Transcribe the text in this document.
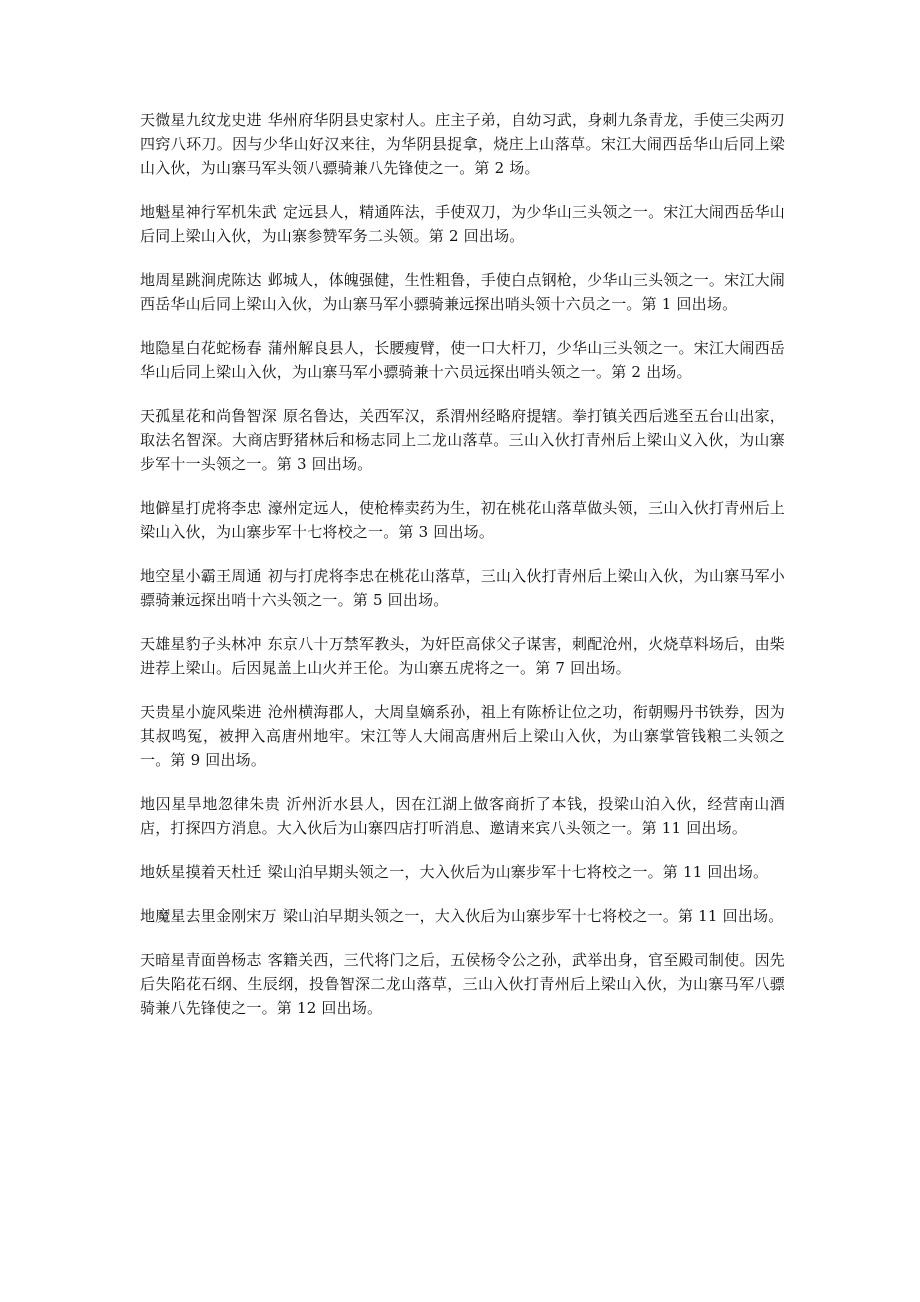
天微星九纹龙史进 华州府华阴县史家村人。庄主子弟，自幼习武，身刺九条青龙，手使三尖两刃四窍八环刀。因与少华山好汉来往，为华阴县捉拿，烧庄上山落草。宋江大闹西岳华山后同上梁山入伙，为山寨马军头领八骠骑兼八先锋使之一。第 2 场。

地魁星神行军机朱武 定远县人，精通阵法，手使双刀，为少华山三头领之一。宋江大闹西岳华山后同上梁山入伙，为山寨参赞军务二头领。第 2 回出场。

地周星跳涧虎陈达 邺城人，体魄强健，生性粗鲁，手使白点钢枪，少华山三头领之一。宋江大闹西岳华山后同上梁山入伙，为山寨马军小骠骑兼远探出哨头领十六员之一。第 1 回出场。

地隐星白花蛇杨春 蒲州解良县人，长腰瘦臂，使一口大杆刀，少华山三头领之一。宋江大闹西岳华山后同上梁山入伙，为山寨马军小骠骑兼十六员远探出哨头领之一。第 2 出场。

天孤星花和尚鲁智深 原名鲁达，关西军汉，系渭州经略府提辖。拳打镇关西后逃至五台山出家，取法名智深。大商店野猪林后和杨志同上二龙山落草。三山入伙打青州后上梁山义入伙，为山寨步军十一头领之一。第 3 回出场。

地僻星打虎将李忠 濠州定远人，使枪棒卖药为生，初在桃花山落草做头领，三山入伙打青州后上梁山入伙，为山寨步军十七将校之一。第 3 回出场。

地空星小霸王周通 初与打虎将李忠在桃花山落草，三山入伙打青州后上梁山入伙，为山寨马军小骠骑兼远探出哨十六头领之一。第 5 回出场。

天雄星豹子头林冲 东京八十万禁军教头，为奸臣高俅父子谋害，刺配沧州，火烧草料场后，由柴进荐上梁山。后因晁盖上山火并王伦。为山寨五虎将之一。第 7 回出场。

天贵星小旋风柴进 沧州横海郡人，大周皇嫡系孙，祖上有陈桥让位之功，衔朝赐丹书铁券，因为其叔鸣冤，被押入高唐州地牢。宋江等人大闹高唐州后上梁山入伙，为山寨掌管钱粮二头领之一。第 9 回出场。

地囚星旱地忽律朱贵 沂州沂水县人，因在江湖上做客商折了本钱，投梁山泊入伙，经营南山酒店，打探四方消息。大入伙后为山寨四店打听消息、邀请来宾八头领之一。第 11 回出场。

地妖星摸着天杜迁 梁山泊早期头领之一，大入伙后为山寨步军十七将校之一。第 11 回出场。

地魔星去里金刚宋万 梁山泊早期头领之一，大入伙后为山寨步军十七将校之一。第 11 回出场。

天暗星青面兽杨志 客籍关西，三代将门之后，五侯杨令公之孙，武举出身，官至殿司制使。因先后失陷花石纲、生辰纲，投鲁智深二龙山落草，三山入伙打青州后上梁山入伙，为山寨马军八骠骑兼八先锋使之一。第 12 回出场。
